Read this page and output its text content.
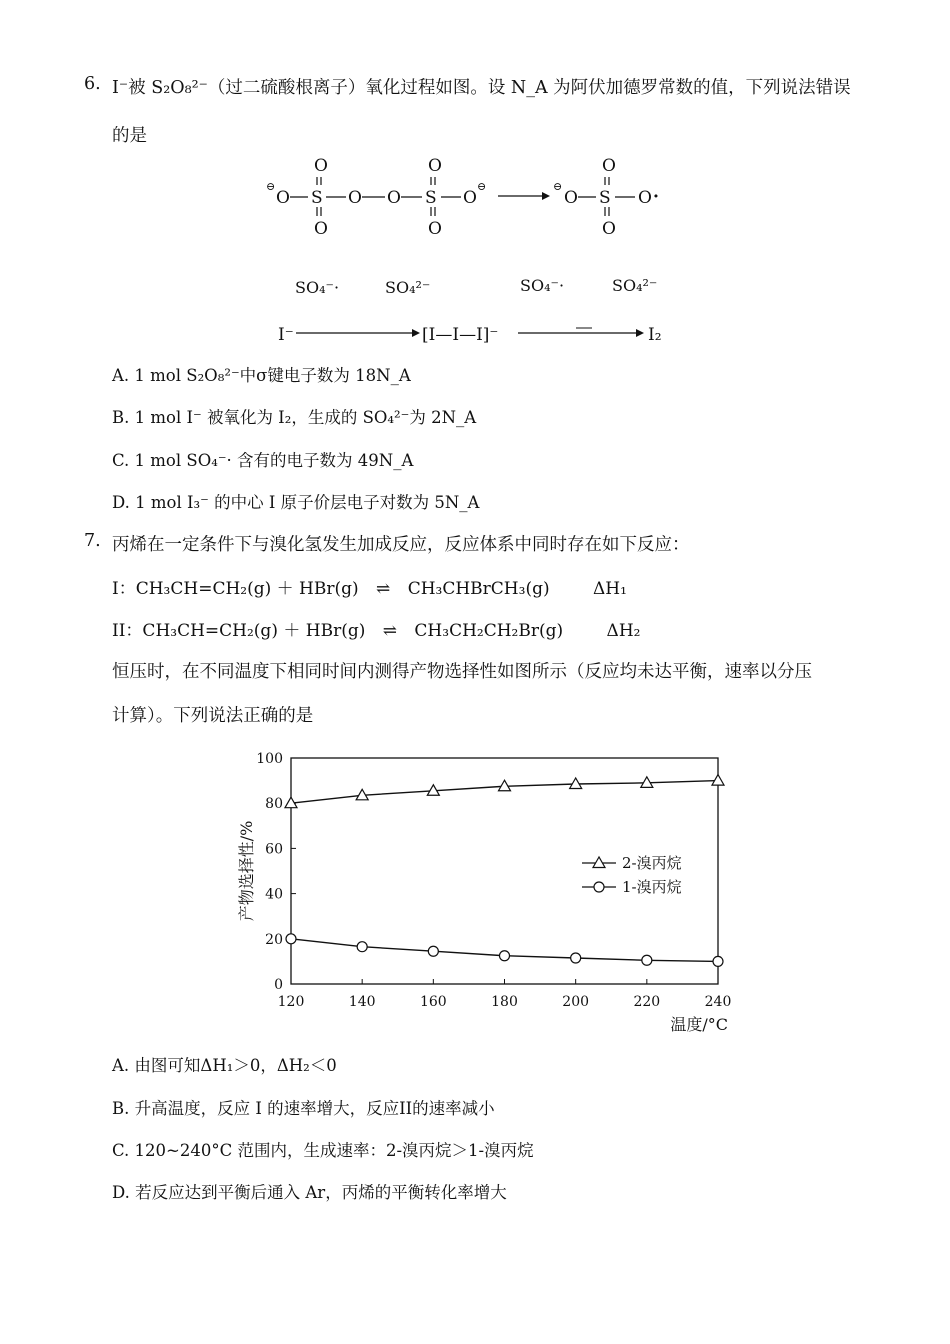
6. I⁻被 S₂O₈²⁻（过二硫酸根离子）氧化过程如图。设 N_A 为阿伏加德罗常数的值，下列说法错误
的是
⊖
O S
O
O
O O S
O
O
O
⊖	⊖
O S
O
O
O ·
SO₄⁻·	SO₄²⁻	SO₄⁻·	SO₄²⁻
I⁻	[I—I—I]⁻	I₂
A. 1 mol S₂O₈²⁻中σ键电子数为 18N_A
B. 1 mol I⁻ 被氧化为 I₂，生成的 SO₄²⁻为 2N_A
C. 1 mol SO₄⁻· 含有的电子数为 49N_A
D. 1 mol I₃⁻ 的中心 I 原子价层电子对数为 5N_A
7. 丙烯在一定条件下与溴化氢发生加成反应，反应体系中同时存在如下反应：
I：CH₃CH=CH₂(g) ＋ HBr(g) ⇌ CH₃CHBrCH₃(g)	ΔH₁
II：CH₃CH=CH₂(g) ＋ HBr(g) ⇌ CH₃CH₂CH₂Br(g)	ΔH₂
恒压时，在不同温度下相同时间内测得产物选择性如图所示（反应均未达平衡，速率以分压
计算）。下列说法正确的是
0
20
40
60
80
100
120	140	160	180	200	220	240
温度/°C
产物选择性/%	2-溴丙烷
1-溴丙烷
A. 由图可知ΔH₁＞0，ΔH₂＜0
B. 升高温度，反应 I 的速率增大，反应II的速率减小
C. 120~240°C 范围内，生成速率：2-溴丙烷＞1-溴丙烷
D. 若反应达到平衡后通入 Ar，丙烯的平衡转化率增大
